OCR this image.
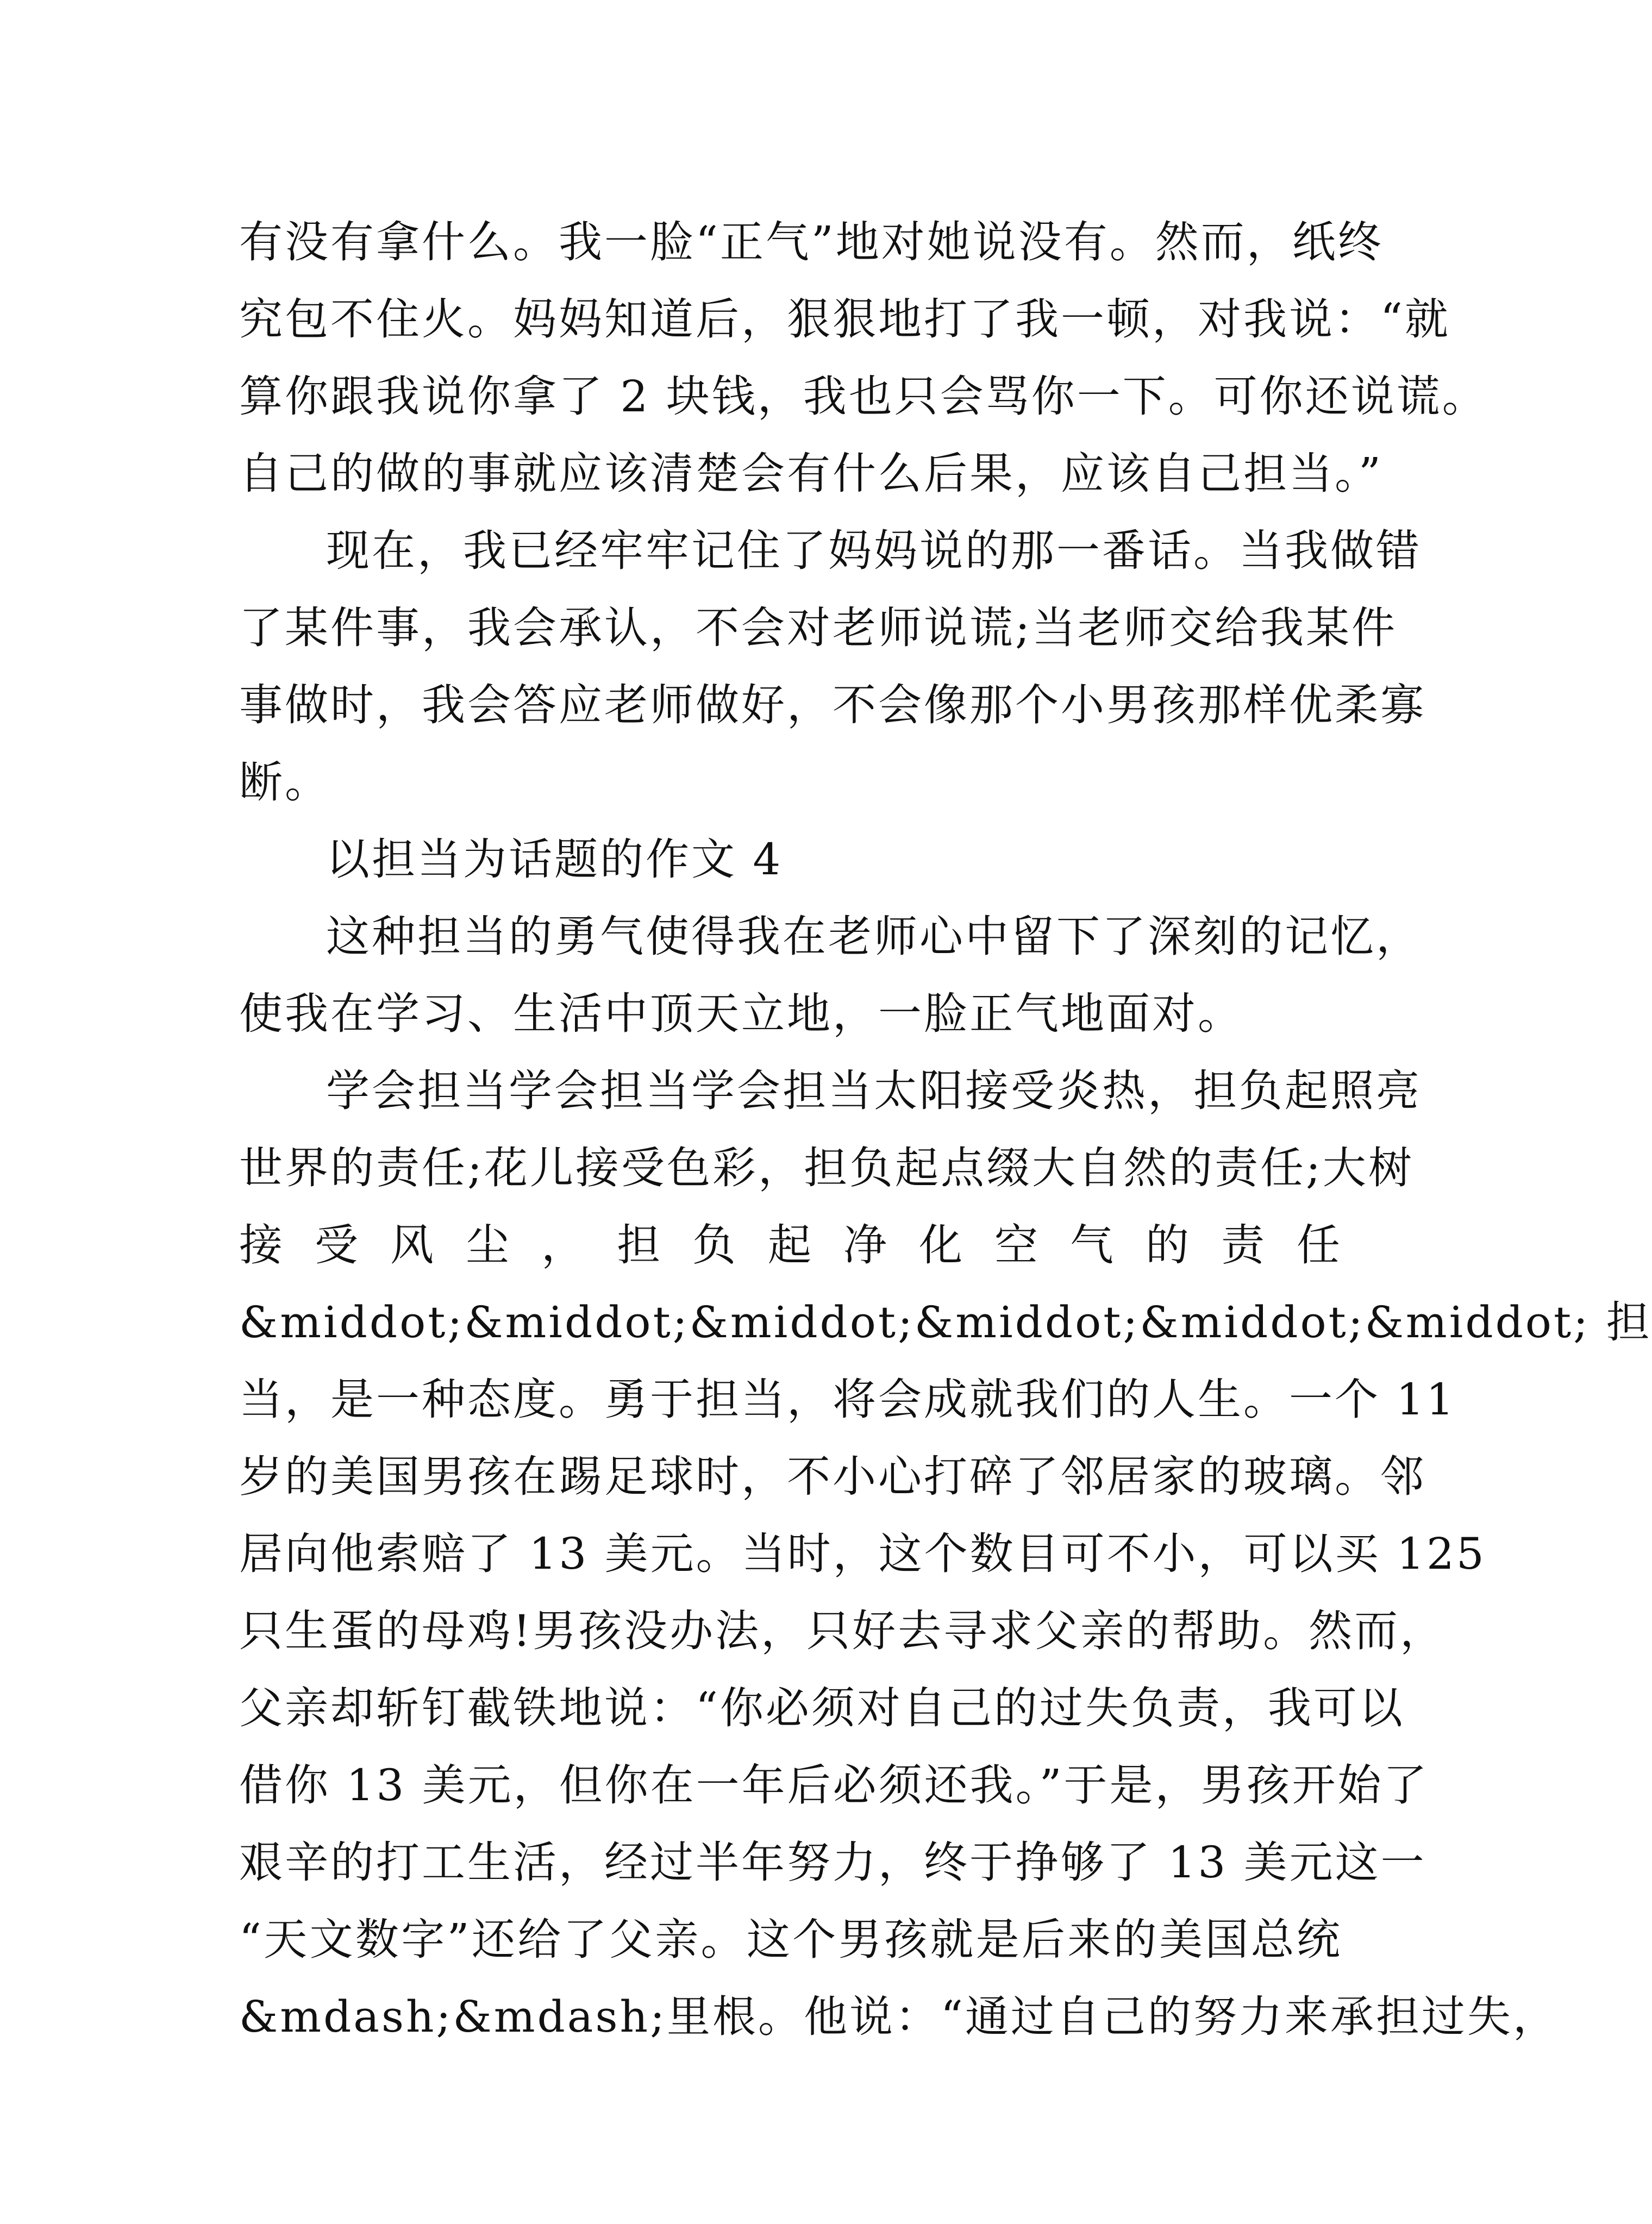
有没有拿什么。我一脸“正气”地对她说没有。然而，纸终
究包不住火。妈妈知道后，狠狠地打了我一顿，对我说：“就
算你跟我说你拿了 2 块钱，我也只会骂你一下。可你还说谎。
自己的做的事就应该清楚会有什么后果，应该自己担当。”
现在，我已经牢牢记住了妈妈说的那一番话。当我做错
了某件事，我会承认，不会对老师说谎;当老师交给我某件
事做时，我会答应老师做好，不会像那个小男孩那样优柔寡
断。
以担当为话题的作文 4
这种担当的勇气使得我在老师心中留下了深刻的记忆，
使我在学习、生活中顶天立地，一脸正气地面对。
学会担当学会担当学会担当太阳接受炎热，担负起照亮
世界的责任;花儿接受色彩，担负起点缀大自然的责任;大树
接 受 风 尘 ， 担 负 起 净 化 空 气 的 责 任
&middot;&middot;&middot;&middot;&middot;&middot; 担
当，是一种态度。勇于担当，将会成就我们的人生。一个 11
岁的美国男孩在踢足球时，不小心打碎了邻居家的玻璃。邻
居向他索赔了 13 美元。当时，这个数目可不小，可以买 125
只生蛋的母鸡!男孩没办法，只好去寻求父亲的帮助。然而，
父亲却斩钉截铁地说：“你必须对自己的过失负责，我可以
借你 13 美元，但你在一年后必须还我。”于是，男孩开始了
艰辛的打工生活，经过半年努力，终于挣够了 13 美元这一
“天文数字”还给了父亲。这个男孩就是后来的美国总统
&mdash;&mdash;里根。他说：“通过自己的努力来承担过失，
